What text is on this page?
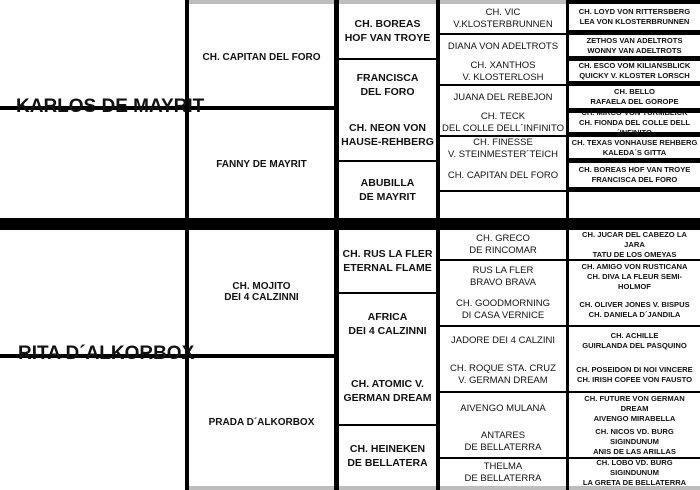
KARLOS DE MAYRIT
RITA D´ALKORBOX
CH. CAPITAN DEL FORO
FANNY DE MAYRIT
CH. MOJITO
DEI 4 CALZINNI
PRADA D´ALKORBOX
CH. BOREAS
HOF VAN TROYE
FRANCISCA
DEL FORO
CH. NEON VON
HAUSE-REHBERG
ABUBILLA
DE MAYRIT
CH. RUS LA FLER
ETERNAL FLAME
AFRICA
DEI 4 CALZINNI
CH. ATOMIC V.
GERMAN DREAM
CH. HEINEKEN
DE BELLATERA
CH. VIC
V.KLOSTERBRUNNEN
DIANA VON ADELTROTS
CH. XANTHOS
V. KLOSTERLOSH
JUANA DEL REBEJON
CH. TECK
DEL COLLE DELL´INFINITO
CH. FINESSE
V. STEINMESTER´TEICH
CH. CAPITAN DEL FORO
CH. GRECO
DE RINCOMAR
RUS LA FLER
BRAVO BRAVA
CH. GOODMORNING
DI CASA VERNICE
JADORE DEI 4 CALZINI
CH. ROQUE STA. CRUZ
V. GERMAN DREAM
AIVENGO MULANA
ANTARES
DE BELLATERRA
THELMA
DE BELLATERRA
CH. LOYD VON RITTERSBERG
LEA VON KLOSTERBRUNNEN
ZETHOS VAN ADELTROTS
WONNY VAN ADELTROTS
CH. ESCO VOM KILIANSBLICK
QUICKY V. KLOSTER LORSCH
CH. BELLO
RAFAELA DEL GOROPE
CH. MIRCO VON TURMBLICK
CH. FIONDA DEL COLLE DELL´INFINITO
CH. TEXAS VONHAUSE REHBERG
KALEDA´S GITTA
CH. BOREAS HOF VAN TROYE
FRANCISCA DEL FORO
CH. JUCAR DEL CABEZO LA JARA
TATU DE LOS OMEYAS
CH. AMIGO VON RUSTICANA
CH. DIVA LA FLEUR SEMI-HOLMOF
CH. OLIVER JONES V. BISPUS
CH. DANIELA D´JANDILA
CH. ACHILLE
GUIRLANDA DEL PASQUINO
CH. POSEIDON DI NOI VINCERE
CH. IRISH COFEE VON FAUSTO
CH. FUTURE VON GERMAN DREAM
AIVENGO MIRABELLA
CH. NICOS VD. BURG SIGINDUNUM
ANIS DE LAS ARILLAS
CH. LOBO VD. BURG SIGINDUNUM
LA GRETA DE BELLATERRA
